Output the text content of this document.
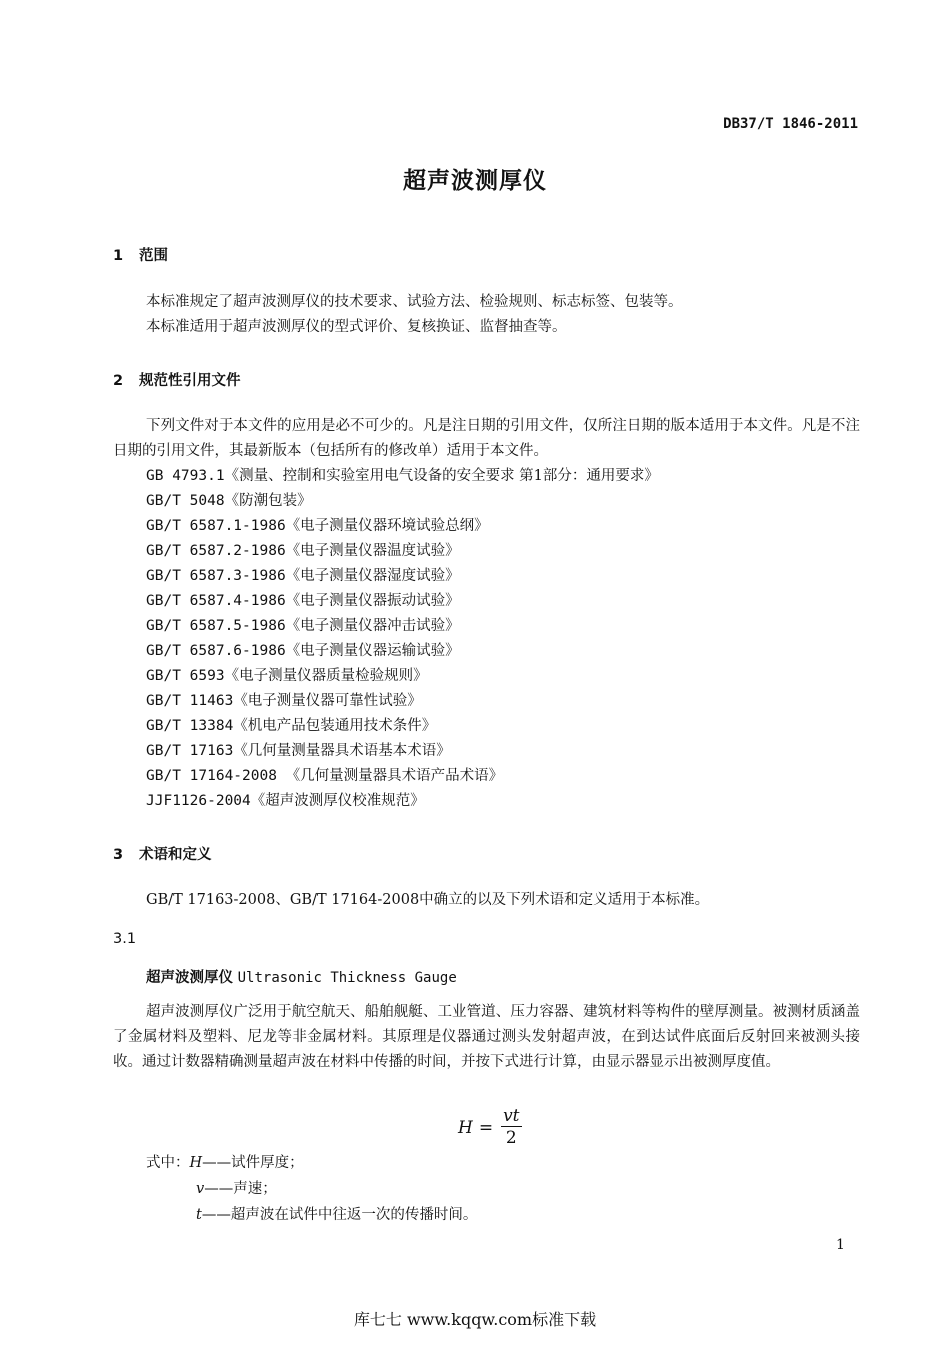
DB37/T 1846-2011
超声波测厚仪
1 范围

本标准规定了超声波测厚仪的技术要求、试验方法、检验规则、标志标签、包装等。

本标准适用于超声波测厚仪的型式评价、复核换证、监督抽查等。

2 规范性引用文件

下列文件对于本文件的应用是必不可少的。凡是注日期的引用文件，仅所注日期的版本适用于本文件。凡是不注日期的引用文件，其最新版本（包括所有的修改单）适用于本文件。

GB 4793.1《测量、控制和实验室用电气设备的安全要求 第1部分：通用要求》
GB/T 5048《防潮包装》
GB/T 6587.1-1986《电子测量仪器环境试验总纲》
GB/T 6587.2-1986《电子测量仪器温度试验》
GB/T 6587.3-1986《电子测量仪器湿度试验》
GB/T 6587.4-1986《电子测量仪器振动试验》
GB/T 6587.5-1986《电子测量仪器冲击试验》
GB/T 6587.6-1986《电子测量仪器运输试验》
GB/T 6593《电子测量仪器质量检验规则》
GB/T 11463《电子测量仪器可靠性试验》
GB/T 13384《机电产品包装通用技术条件》
GB/T 17163《几何量测量器具术语基本术语》
GB/T 17164-2008 《几何量测量器具术语产品术语》
JJF1126-2004《超声波测厚仪校准规范》
3 术语和定义

GB/T 17163-2008、GB/T 17164-2008中确立的以及下列术语和定义适用于本标准。

3.1
超声波测厚仪 Ultrasonic Thickness Gauge

超声波测厚仪广泛用于航空航天、船舶舰艇、工业管道、压力容器、建筑材料等构件的壁厚测量。被测材质涵盖了金属材料及塑料、尼龙等非金属材料。其原理是仪器通过测头发射超声波，在到达试件底面后反射回来被测头接收。通过计数器精确测量超声波在材料中传播的时间，并按下式进行计算，由显示器显示出被测厚度值。

$H = \frac{vt}{2}$
式中：H——试件厚度；
v——声速；
t——超声波在试件中往返一次的传播时间。
1
库七七 www.kqqw.com标准下载
